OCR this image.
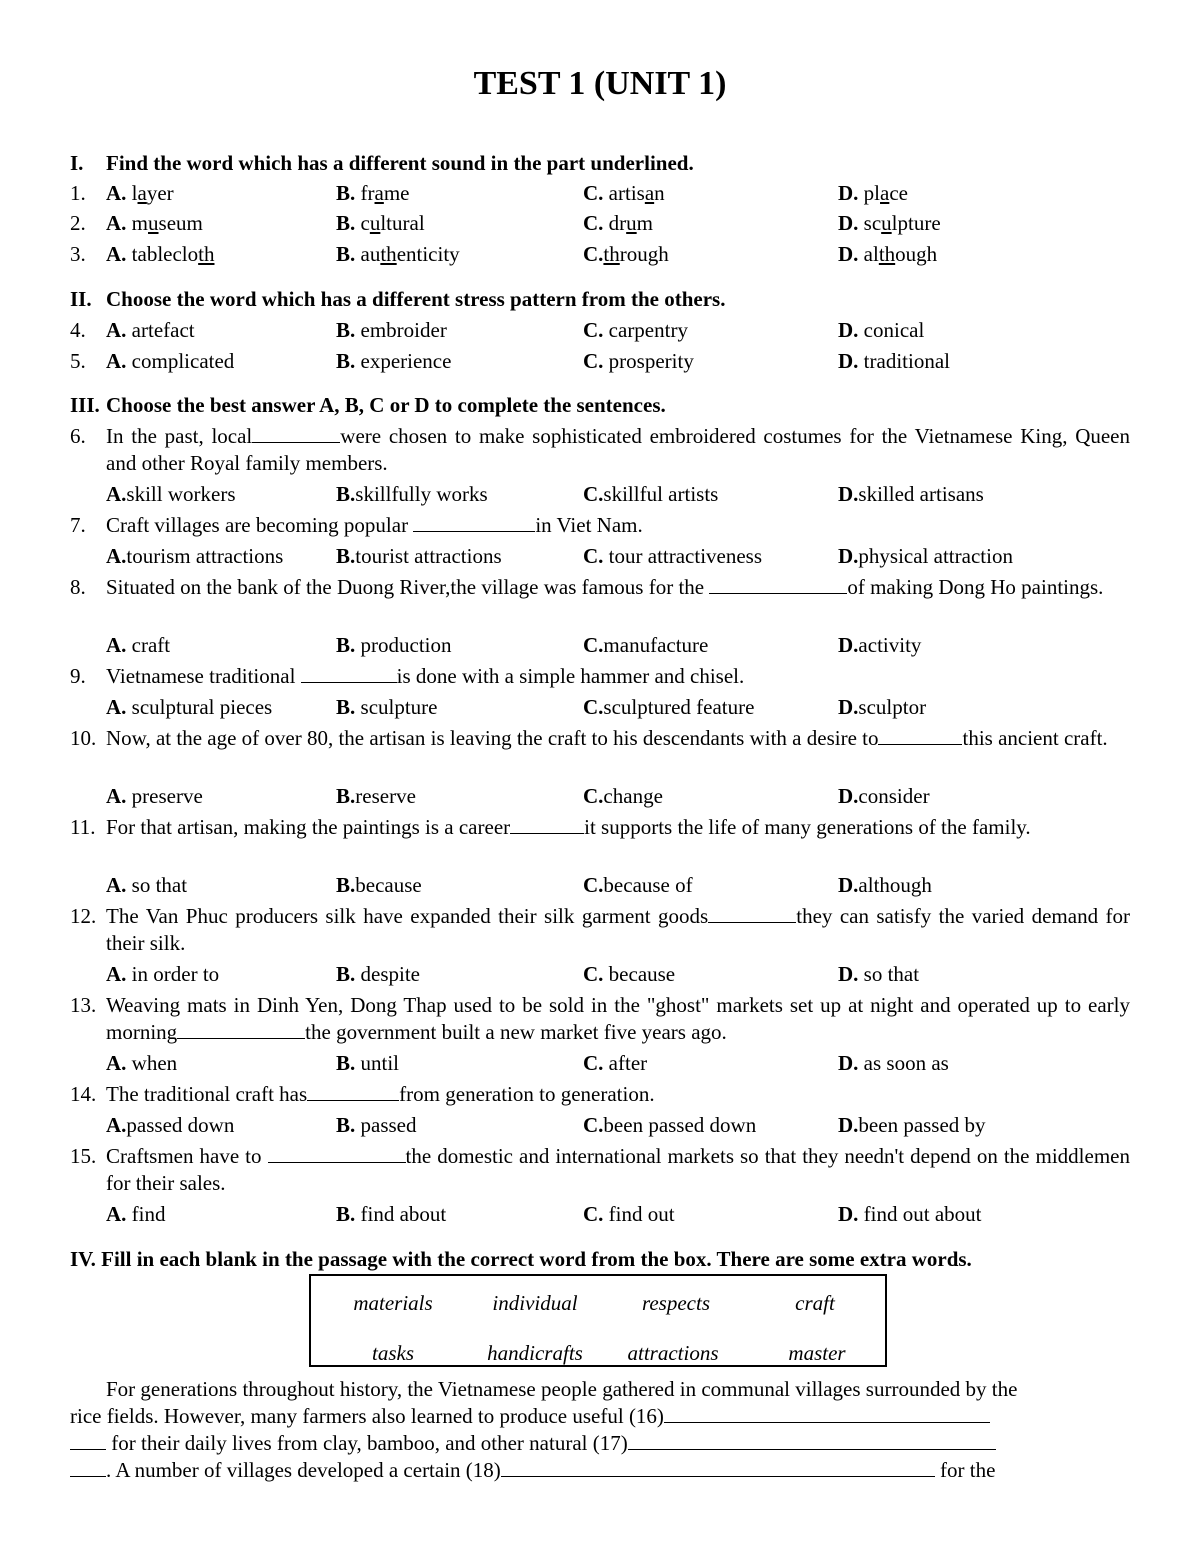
TEST 1 (UNIT 1)
I. Find the word which has a different sound in the part underlined.
1. A. layer	B. frame	C. artisan	D. place
2. A. museum	B. cultural	C. drum	D. sculpture
3. A. tablecloth	B. authenticity	C.through	D. although
II. Choose the word which has a different stress pattern from the others.
4. A. artefact	B. embroider	C. carpentry	D. conical
5. A. complicated	B. experience	C. prosperity	D. traditional
III. Choose the best answer A, B, C or D to complete the sentences.
6. In the past, local	were chosen to make sophisticated embroidered costumes for the Vietnamese King, Queen and other Royal family members.
A.skill workers	B.skillfully works	C.skillful artists	D.skilled artisans
7. Craft villages are becoming popular	in Viet Nam.
A.tourism attractions	B.tourist attractions	C. tour attractiveness	D.physical attraction
8. Situated on the bank of the Duong River,the village was famous for the	of making Dong Ho paintings.
A. craft	B. production	C.manufacture	D.activity
9. Vietnamese traditional	is done with a simple hammer and chisel.
A. sculptural pieces	B. sculpture	C.sculptured feature	D.sculptor
10. Now, at the age of over 80, the artisan is leaving the craft to his descendants with a desire to	this ancient craft.
A. preserve	B.reserve	C.change	D.consider
11. For that artisan, making the paintings is a career	it supports the life of many generations of the family.
A. so that	B.because	C.because of	D.although
12. The Van Phuc producers silk have expanded their silk garment goods	they can satisfy the varied demand for their silk.
A. in order to	B. despite	C. because	D. so that
13. Weaving mats in Dinh Yen, Dong Thap used to be sold in the "ghost" markets set up at night and operated up to early morning	the government built a new market five years ago.
A. when	B. until	C. after	D. as soon as
14. The traditional craft has	from generation to generation.
A.passed down	B. passed	C.been passed down	D.been passed by
15. Craftsmen have to	the domestic and international markets so that they needn't depend on the middlemen for their sales.
A. find	B. find about	C. find out	D. find out about
IV. Fill in each blank in the passage with the correct word from the box. There are some extra words.
materials	individual	respects	craft
tasks	handicrafts	attractions	master
For generations throughout history, the Vietnamese people gathered in communal villages surrounded by the
rice fields. However, many farmers also learned to produce useful (16)
for their daily lives from clay, bamboo, and other natural (17)
. A number of villages developed a certain (18)	for the
